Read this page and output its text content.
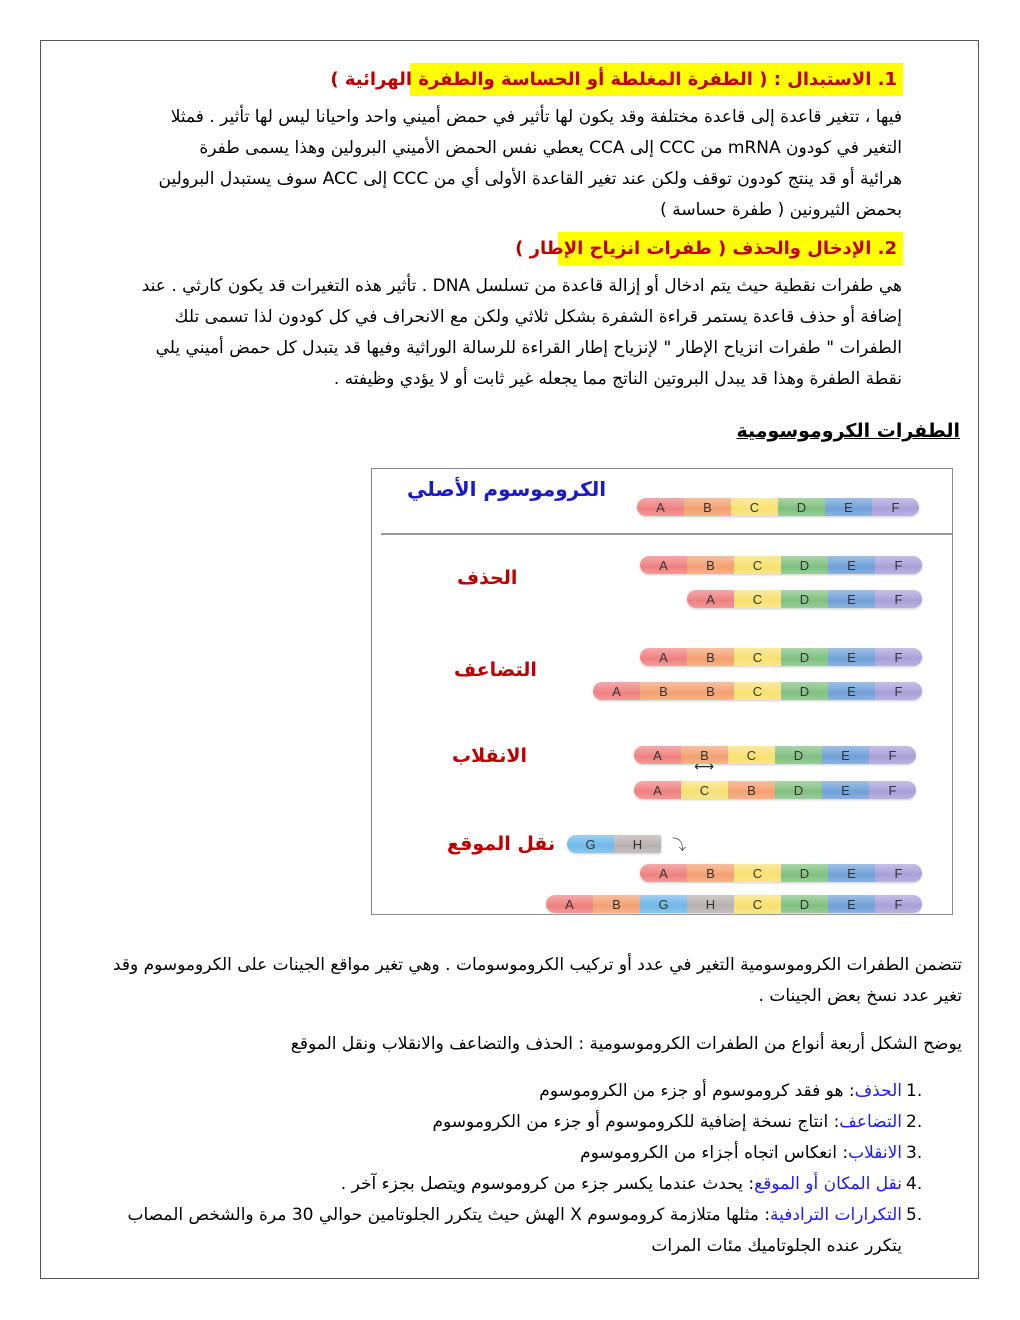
1. الاستبدال : ( الطفرة المغلطة أو الحساسة والطفرة الهرائية )
فيها ، تتغير قاعدة إلى قاعدة مختلفة وقد يكون لها تأثير في حمض أميني واحد واحيانا ليس لها تأثير . فمثلا
التغير في كودون mRNA من CCC إلى CCA يعطي نفس الحمض الأميني البرولين وهذا يسمى طفرة
هرائية أو قد ينتج كودون توقف ولكن عند تغير القاعدة الأولى أي من CCC إلى ACC سوف يستبدل البرولين
بحمض الثيرونين ( طفرة حساسة )
2. الإدخال والحذف ( طفرات انزياح الإطار )
هي طفرات نقطية حيث يتم ادخال أو إزالة قاعدة من تسلسل DNA . تأثير هذه التغيرات قد يكون كارثي . عند
إضافة أو حذف قاعدة يستمر قراءة الشفرة بشكل ثلاثي ولكن مع الانحراف في كل كودون لذا تسمى تلك
الطفرات " طفرات انزياح الإطار " لإنزياح إطار القراءة للرسالة الوراثية وفيها قد يتبدل كل حمض أميني يلي
نقطة الطفرة وهذا قد يبدل البروتين الناتج مما يجعله غير ثابت أو لا يؤدي وظيفته .
الطفرات الكروموسومية
الكروموسوم الأصلي
الحذف
التضاعف
الانقلاب
نقل الموقع
A	B	C	D	E	F
A	B	C	D	E	F
A	C	D	E	F
A	B	C	D	E	F
A	B	B	C	D	E	F
A	B	C	D	E	F
⟷
A	C	B	D	E	F
G	H	⤵
A	B	C	D	E	F
A	B	G	H	C	D	E	F
تتضمن الطفرات الكروموسومية التغير في عدد أو تركيب الكروموسومات . وهي تغير مواقع الجينات على الكروموسوم وقد
تغير عدد نسخ بعض الجينات .
يوضح الشكل أربعة أنواع من الطفرات الكروموسومية : الحذف والتضاعف والانقلاب ونقل الموقع
1.
الحذف
: هو فقد كروموسوم أو جزء من الكروموسوم
2.
التضاعف
: انتاج نسخة إضافية للكروموسوم أو جزء من الكروموسوم
3.
الانقلاب
: انعكاس اتجاه أجزاء من الكروموسوم
4.
نقل المكان أو الموقع
: يحدث عندما يكسر جزء من كروموسوم ويتصل بجزء آخر .
5.
التكرارات الترادفية
: مثلها متلازمة كروموسوم X الهش حيث يتكرر الجلوتامين حوالي 30 مرة والشخص المصاب
يتكرر عنده الجلوتاميك مئات المرات
